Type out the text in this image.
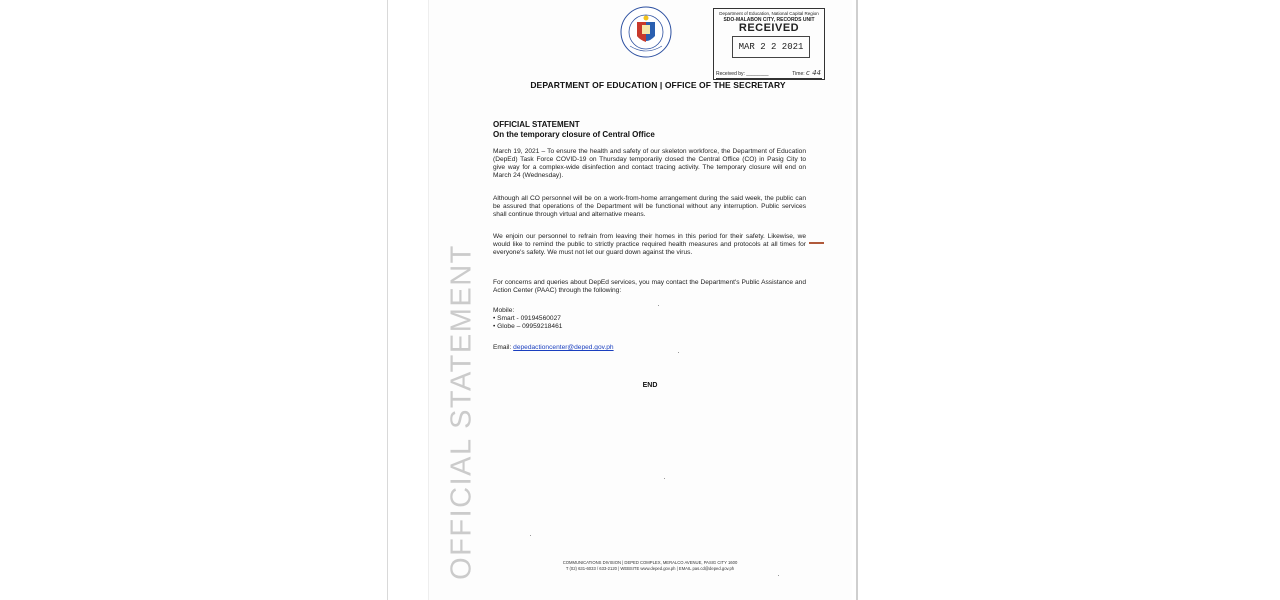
Department of Education, National Capital Region
SDO-MALABON CITY, RECORDS UNIT
RECEIVED
MAR 2 2 2021
Received by: ________	Time: c 44
DEPARTMENT OF EDUCATION | OFFICE OF THE SECRETARY
OFFICIAL STATEMENT
On the temporary closure of Central Office
March 19, 2021 – To ensure the health and safety of our skeleton workforce, the Department of Education (DepEd) Task Force COVID-19 on Thursday temporarily closed the Central Office (CO) in Pasig City to give way for a complex-wide disinfection and contact tracing activity. The temporary closure will end on March 24 (Wednesday).
Although all CO personnel will be on a work-from-home arrangement during the said week, the public can be assured that operations of the Department will be functional without any interruption. Public services shall continue through virtual and alternative means.
We enjoin our personnel to refrain from leaving their homes in this period for their safety. Likewise, we would like to remind the public to strictly practice required health measures and protocols at all times for everyone's safety. We must not let our guard down against the virus.
For concerns and queries about DepEd services, you may contact the Department's Public Assistance and Action Center (PAAC) through the following:
Mobile:
• Smart - 09194560027
• Globe – 09959218461
Email: depedactioncenter@deped.gov.ph
END
OFFICIAL STATEMENT	COMMUNICATIONS DIVISION | DEPED COMPLEX, MERALCO AVENUE, PASIG CITY 1600
T (02) 631-6033 / 633-2120 | WEBSITE www.deped.gov.ph | EMAIL pas.cd@deped.gov.ph
